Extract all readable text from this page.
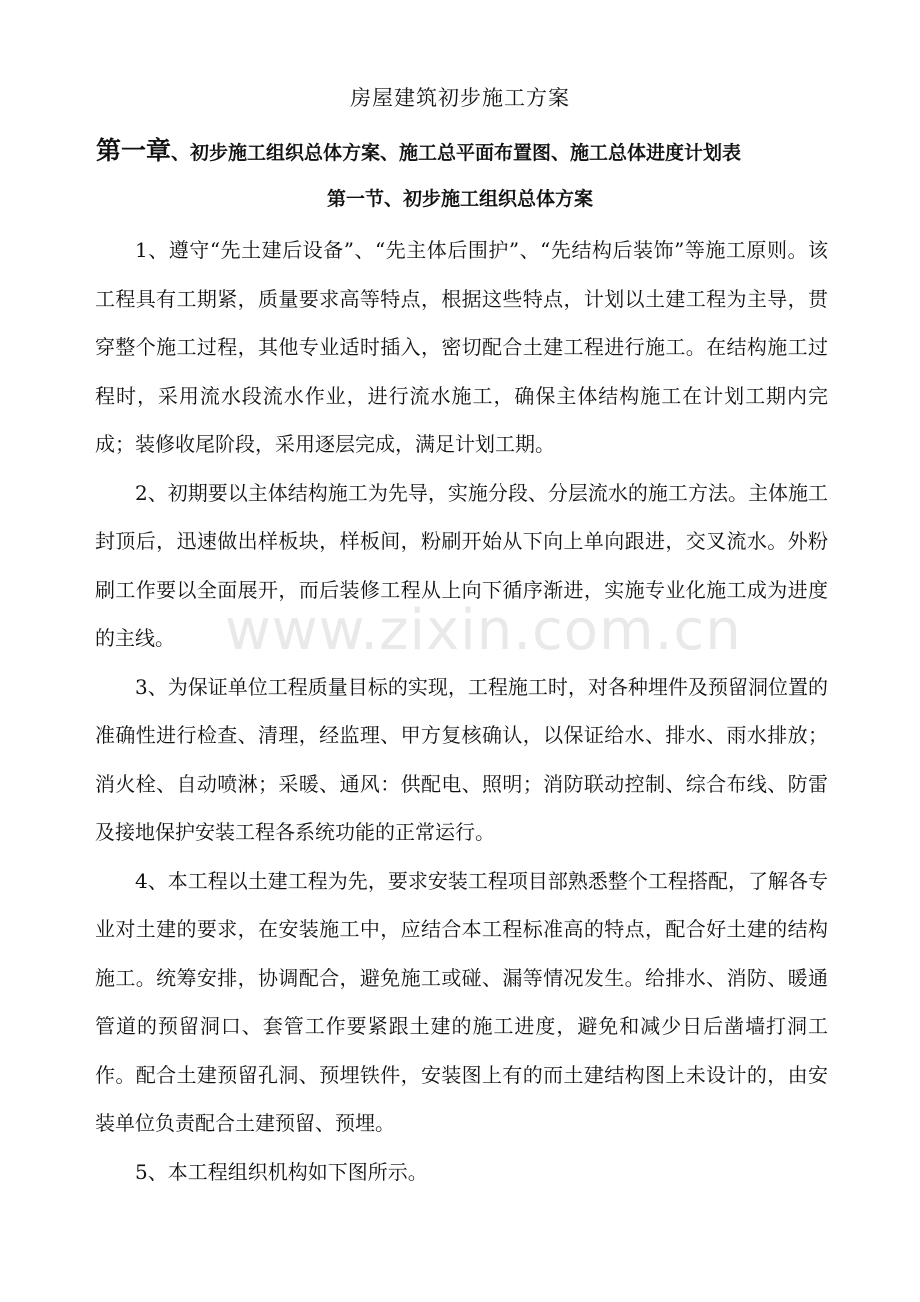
房屋建筑初步施工方案
第一章、初步施工组织总体方案、施工总平面布置图、施工总体进度计划表
第一节、初步施工组织总体方案

1、遵守“先土建后设备”、“先主体后围护”、“先结构后装饰”等施工原则。该工程具有工期紧，质量要求高等特点，根据这些特点，计划以土建工程为主导，贯穿整个施工过程，其他专业适时插入，密切配合土建工程进行施工。在结构施工过程时，采用流水段流水作业，进行流水施工，确保主体结构施工在计划工期内完成；装修收尾阶段，采用逐层完成，满足计划工期。

2、初期要以主体结构施工为先导，实施分段、分层流水的施工方法。主体施工封顶后，迅速做出样板块，样板间，粉刷开始从下向上单向跟进，交叉流水。外粉刷工作要以全面展开，而后装修工程从上向下循序渐进，实施专业化施工成为进度的主线。

3、为保证单位工程质量目标的实现，工程施工时，对各种埋件及预留洞位置的准确性进行检查、清理，经监理、甲方复核确认，以保证给水、排水、雨水排放；消火栓、自动喷淋；采暖、通风：供配电、照明；消防联动控制、综合布线、防雷及接地保护安装工程各系统功能的正常运行。

4、本工程以土建工程为先，要求安装工程项目部熟悉整个工程搭配，了解各专业对土建的要求，在安装施工中，应结合本工程标准高的特点，配合好土建的结构施工。统筹安排，协调配合，避免施工或碰、漏等情况发生。给排水、消防、暖通管道的预留洞口、套管工作要紧跟土建的施工进度，避免和减少日后凿墙打洞工作。配合土建预留孔洞、预埋铁件，安装图上有的而土建结构图上未设计的，由安装单位负责配合土建预留、预埋。

5、本工程组织机构如下图所示。

www.zixin.com.cn
